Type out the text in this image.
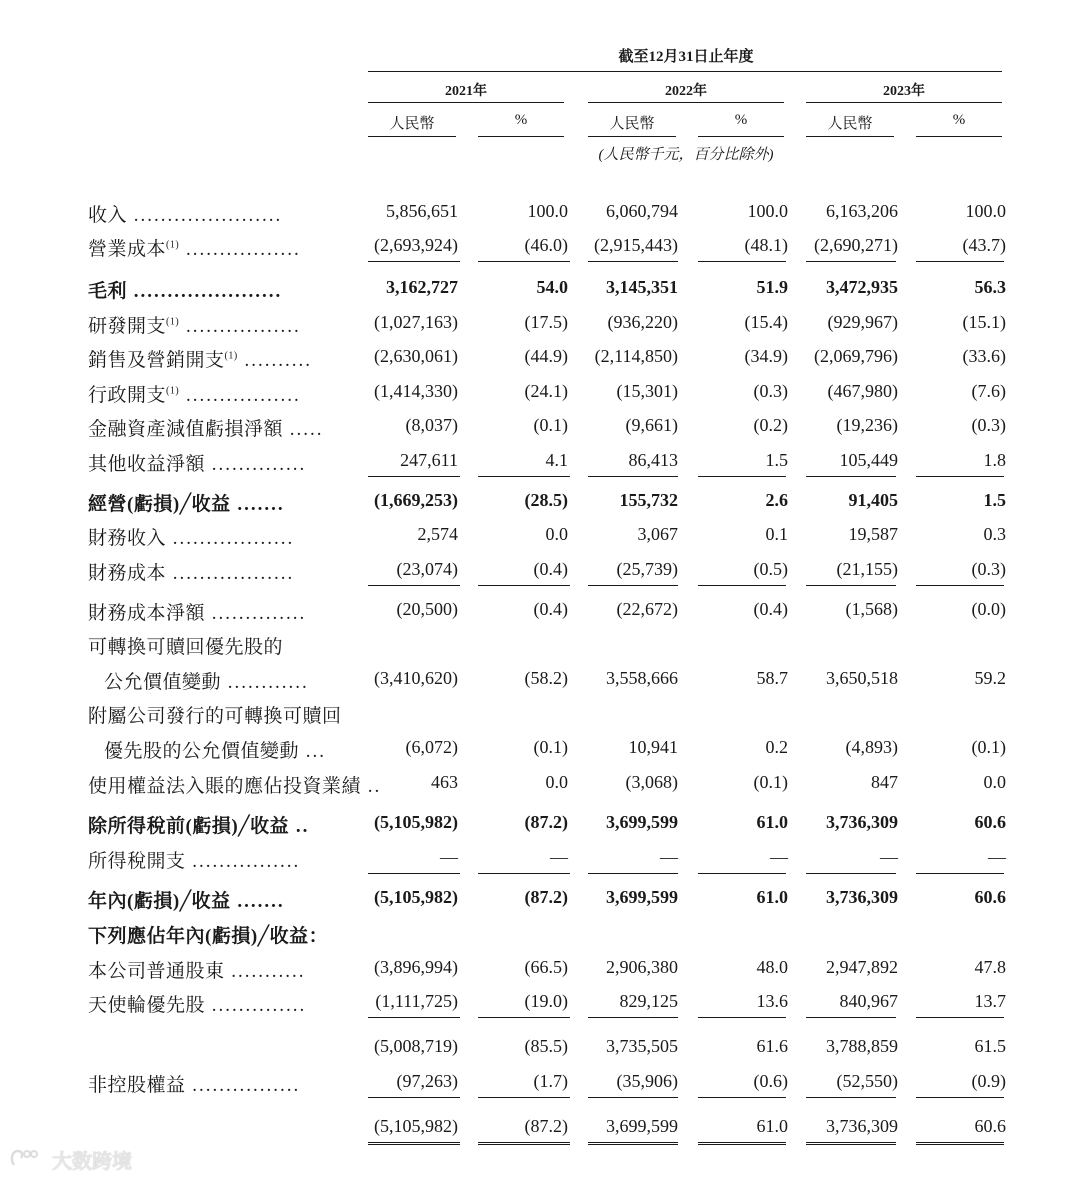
截至12月31日止年度
2021年	2022年	2023年
人民幣	%	人民幣	%	人民幣	%
(人民幣千元，百分比除外)
收入 ......................	5,856,651	100.0	6,060,794	100.0	6,163,206	100.0
營業成本$^{(1)}$ .................	(2,693,924)	(46.0)	(2,915,443)	(48.1)	(2,690,271)	(43.7)
毛利 ......................	3,162,727	54.0	3,145,351	51.9	3,472,935	56.3
研發開支$^{(1)}$ .................	(1,027,163)	(17.5)	(936,220)	(15.4)	(929,967)	(15.1)
銷售及營銷開支$^{(1)}$ ..........	(2,630,061)	(44.9)	(2,114,850)	(34.9)	(2,069,796)	(33.6)
行政開支$^{(1)}$ .................	(1,414,330)	(24.1)	(15,301)	(0.3)	(467,980)	(7.6)
金融資產減值虧損淨額 .....	(8,037)	(0.1)	(9,661)	(0.2)	(19,236)	(0.3)
其他收益淨額 ..............	247,611	4.1	86,413	1.5	105,449	1.8
經營(虧損)╱收益 .......	(1,669,253)	(28.5)	155,732	2.6	91,405	1.5
財務收入 ..................	2,574	0.0	3,067	0.1	19,587	0.3
財務成本 ..................	(23,074)	(0.4)	(25,739)	(0.5)	(21,155)	(0.3)
財務成本淨額 ..............	(20,500)	(0.4)	(22,672)	(0.4)	(1,568)	(0.0)
可轉換可贖回優先股的
公允價值變動 ............	(3,410,620)	(58.2)	3,558,666	58.7	3,650,518	59.2
附屬公司發行的可轉換可贖回
優先股的公允價值變動 ...	(6,072)	(0.1)	10,941	0.2	(4,893)	(0.1)
使用權益法入賬的應佔投資業績 ..	463	0.0	(3,068)	(0.1)	847	0.0
除所得稅前(虧損)╱收益 ..	(5,105,982)	(87.2)	3,699,599	61.0	3,736,309	60.6
所得稅開支 ................	—	—	—	—	—	—
年內(虧損)╱收益 .......	(5,105,982)	(87.2)	3,699,599	61.0	3,736,309	60.6
下列應佔年內(虧損)╱收益：
本公司普通股東 ...........	(3,896,994)	(66.5)	2,906,380	48.0	2,947,892	47.8
天使輪優先股 ..............	(1,111,725)	(19.0)	829,125	13.6	840,967	13.7
(5,008,719)	(85.5)	3,735,505	61.6	3,788,859	61.5
非控股權益 ................	(97,263)	(1.7)	(35,906)	(0.6)	(52,550)	(0.9)
(5,105,982)	(87.2)	3,699,599	61.0	3,736,309	60.6
大数跨境
